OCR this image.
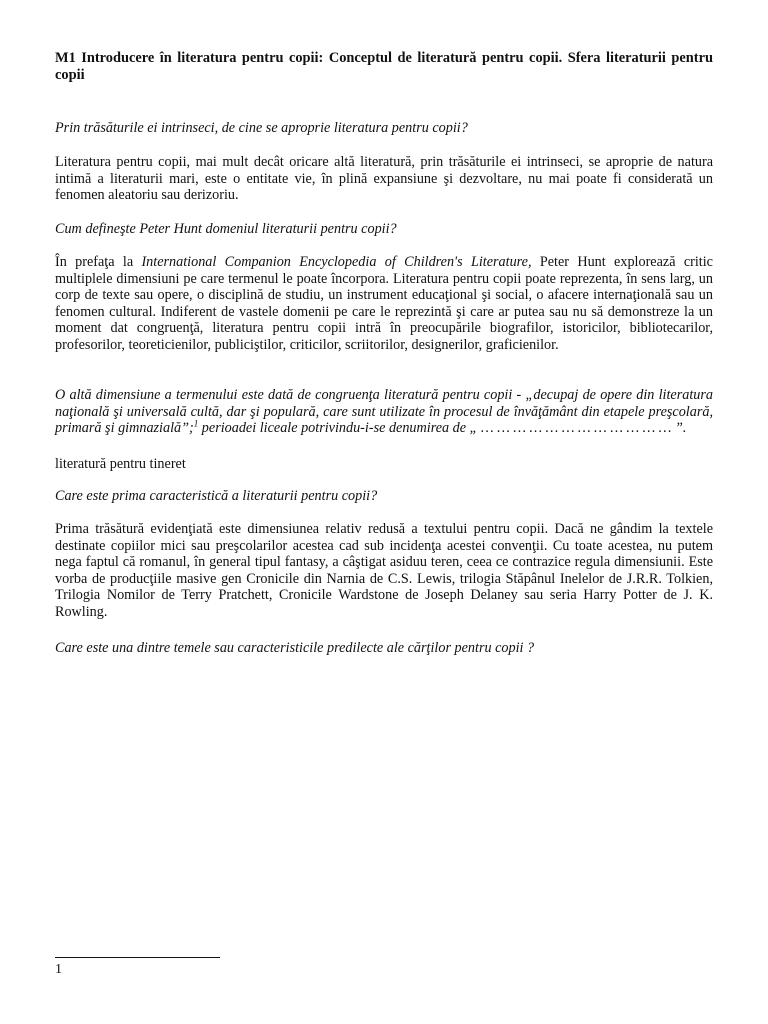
M1 Introducere în literatura pentru copii: Conceptul de literatură pentru copii. Sfera literaturii pentru copii

Prin trăsăturile ei intrinseci, de cine se aproprie literatura pentru copii?

Literatura pentru copii, mai mult decât oricare altă literatură, prin trăsăturile ei intrinseci, se aproprie de natura intimă a literaturii mari, este o entitate vie, în plină expansiune şi dezvoltare, nu mai poate fi considerată un fenomen aleatoriu sau derizoriu.

Cum defineşte Peter Hunt domeniul literaturii pentru copii?

În prefaţa la International Companion Encyclopedia of Children's Literature, Peter Hunt explorează critic multiplele dimensiuni pe care termenul le poate încorpora. Literatura pentru copii poate reprezenta, în sens larg, un corp de texte sau opere, o disciplină de studiu, un instrument educaţional şi social, o afacere internaţională sau un fenomen cultural. Indiferent de vastele domenii pe care le reprezintă şi care ar putea sau nu să demonstreze la un moment dat congruenţă, literatura pentru copii intră în preocupările biografilor, istoricilor, bibliotecarilor, profesorilor, teoreticienilor, publiciştilor, criticilor, scriitorilor, designerilor, graficienilor.

O altă dimensiune a termenului este dată de congruenţa literatură pentru copii - „decupaj de opere din literatura naţională şi universală cultă, dar şi populară, care sunt utilizate în procesul de învăţământ din etapele preşcolară, primară şi gimnazială”;$^1$ perioadei liceale potrivindu-i-se denumirea de „ … … … … … … … … … … … … ”.

literatură pentru tineret

Care este prima caracteristică a literaturii pentru copii?

Prima trăsătură evidenţiată este dimensiunea relativ redusă a textului pentru copii. Dacă ne gândim la textele destinate copiilor mici sau preşcolarilor acestea cad sub incidenţa acestei convenţii. Cu toate acestea, nu putem nega faptul că romanul, în general tipul fantasy, a câştigat asiduu teren, ceea ce contrazice regula dimensiunii. Este vorba de producţiile masive gen Cronicile din Narnia de C.S. Lewis, trilogia Stăpânul Inelelor de J.R.R. Tolkien, Trilogia Nomilor de Terry Pratchett, Cronicile Wardstone de Joseph Delaney sau seria Harry Potter de J. K. Rowling.

Care este una dintre temele sau caracteristicile predilecte ale cărţilor pentru copii ?

1
